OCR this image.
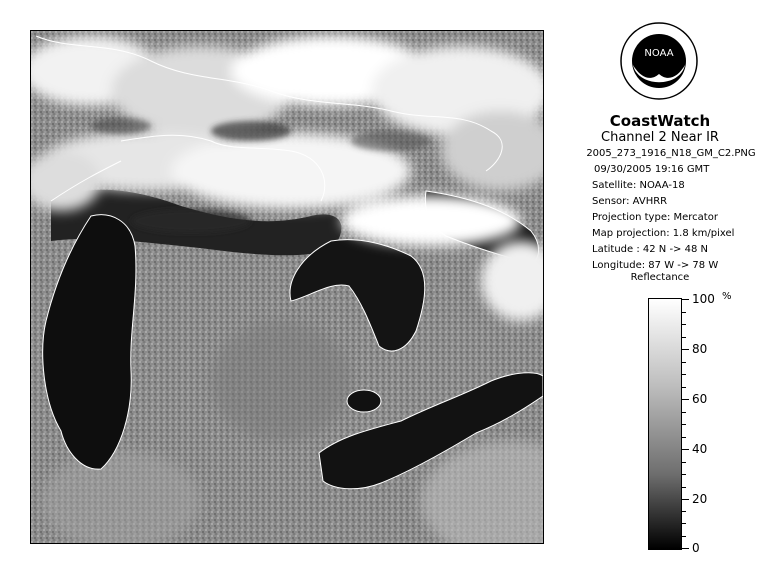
NOAA
CoastWatch
Channel 2 Near IR
2005_273_1916_N18_GM_C2.PNG
09/30/2005 19:16 GMT
Satellite: NOAA-18
Sensor: AVHRR
Projection type: Mercator
Map projection: 1.8 km/pixel
Latitude : 42 N -> 48 N
Longitude: 87 W -> 78 W
Reflectance
%
100
80
60
40
20
0
